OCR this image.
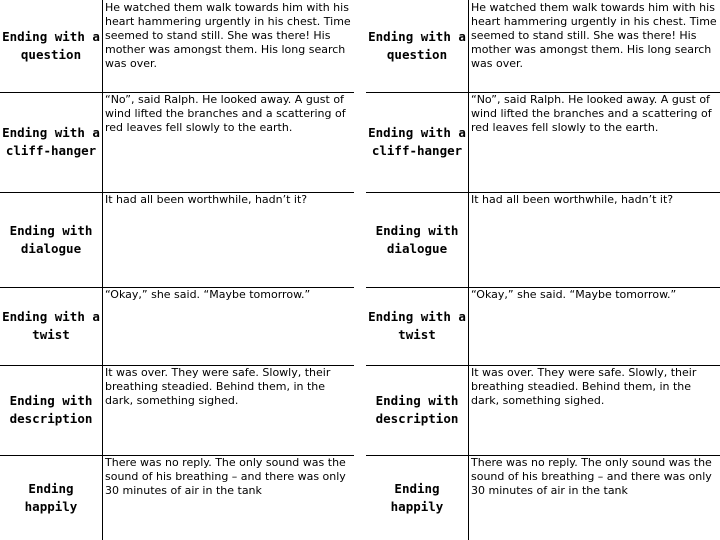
Ending with a question
He watched them walk towards him with his heart hammering urgently in his chest. Time seemed to stand still. She was there! His mother was amongst them. His long search was over.
Ending with a cliff-hanger
“No”, said Ralph. He looked away. A gust of wind lifted the branches and a scattering of red leaves fell slowly to the earth.
Ending with dialogue
It had all been worthwhile, hadn’t it?
Ending with a twist
“Okay,” she said. “Maybe tomorrow.”
Ending with description
It was over. They were safe. Slowly, their breathing steadied. Behind them, in the dark, something sighed.
Ending happily
There was no reply. The only sound was the sound of his breathing – and there was only 30 minutes of air in the tank
Ending with a question
He watched them walk towards him with his heart hammering urgently in his chest. Time seemed to stand still. She was there! His mother was amongst them. His long search was over.
Ending with a cliff-hanger
“No”, said Ralph. He looked away. A gust of wind lifted the branches and a scattering of red leaves fell slowly to the earth.
Ending with dialogue
It had all been worthwhile, hadn’t it?
Ending with a twist
“Okay,” she said. “Maybe tomorrow.”
Ending with description
It was over. They were safe. Slowly, their breathing steadied. Behind them, in the dark, something sighed.
Ending happily
There was no reply. The only sound was the sound of his breathing – and there was only 30 minutes of air in the tank
